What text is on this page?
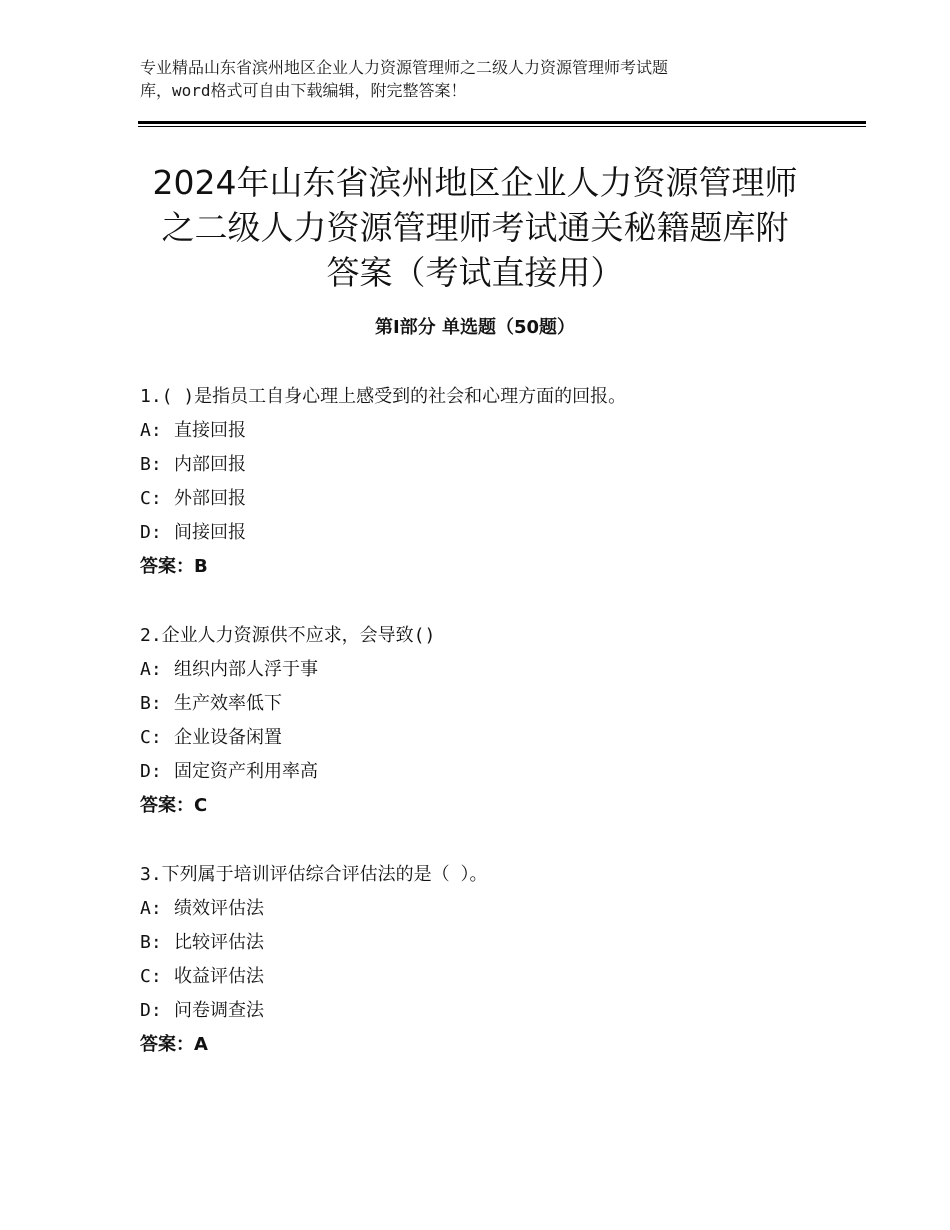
专业精品山东省滨州地区企业人力资源管理师之二级人力资源管理师考试题
库，word格式可自由下载编辑，附完整答案！
2024年山东省滨州地区企业人力资源管理师
之二级人力资源管理师考试通关秘籍题库附
答案（考试直接用）
第Ⅰ部分 单选题（50题）
1.( )是指员工自身心理上感受到的社会和心理方面的回报。
A: 直接回报
B: 内部回报
C: 外部回报
D: 间接回报
答案：B
2.企业人力资源供不应求，会导致()
A: 组织内部人浮于事
B: 生产效率低下
C: 企业设备闲置
D: 固定资产利用率高
答案：C
3.下列属于培训评估综合评估法的是（ ）。
A: 绩效评估法
B: 比较评估法
C: 收益评估法
D: 问卷调查法
答案：A
